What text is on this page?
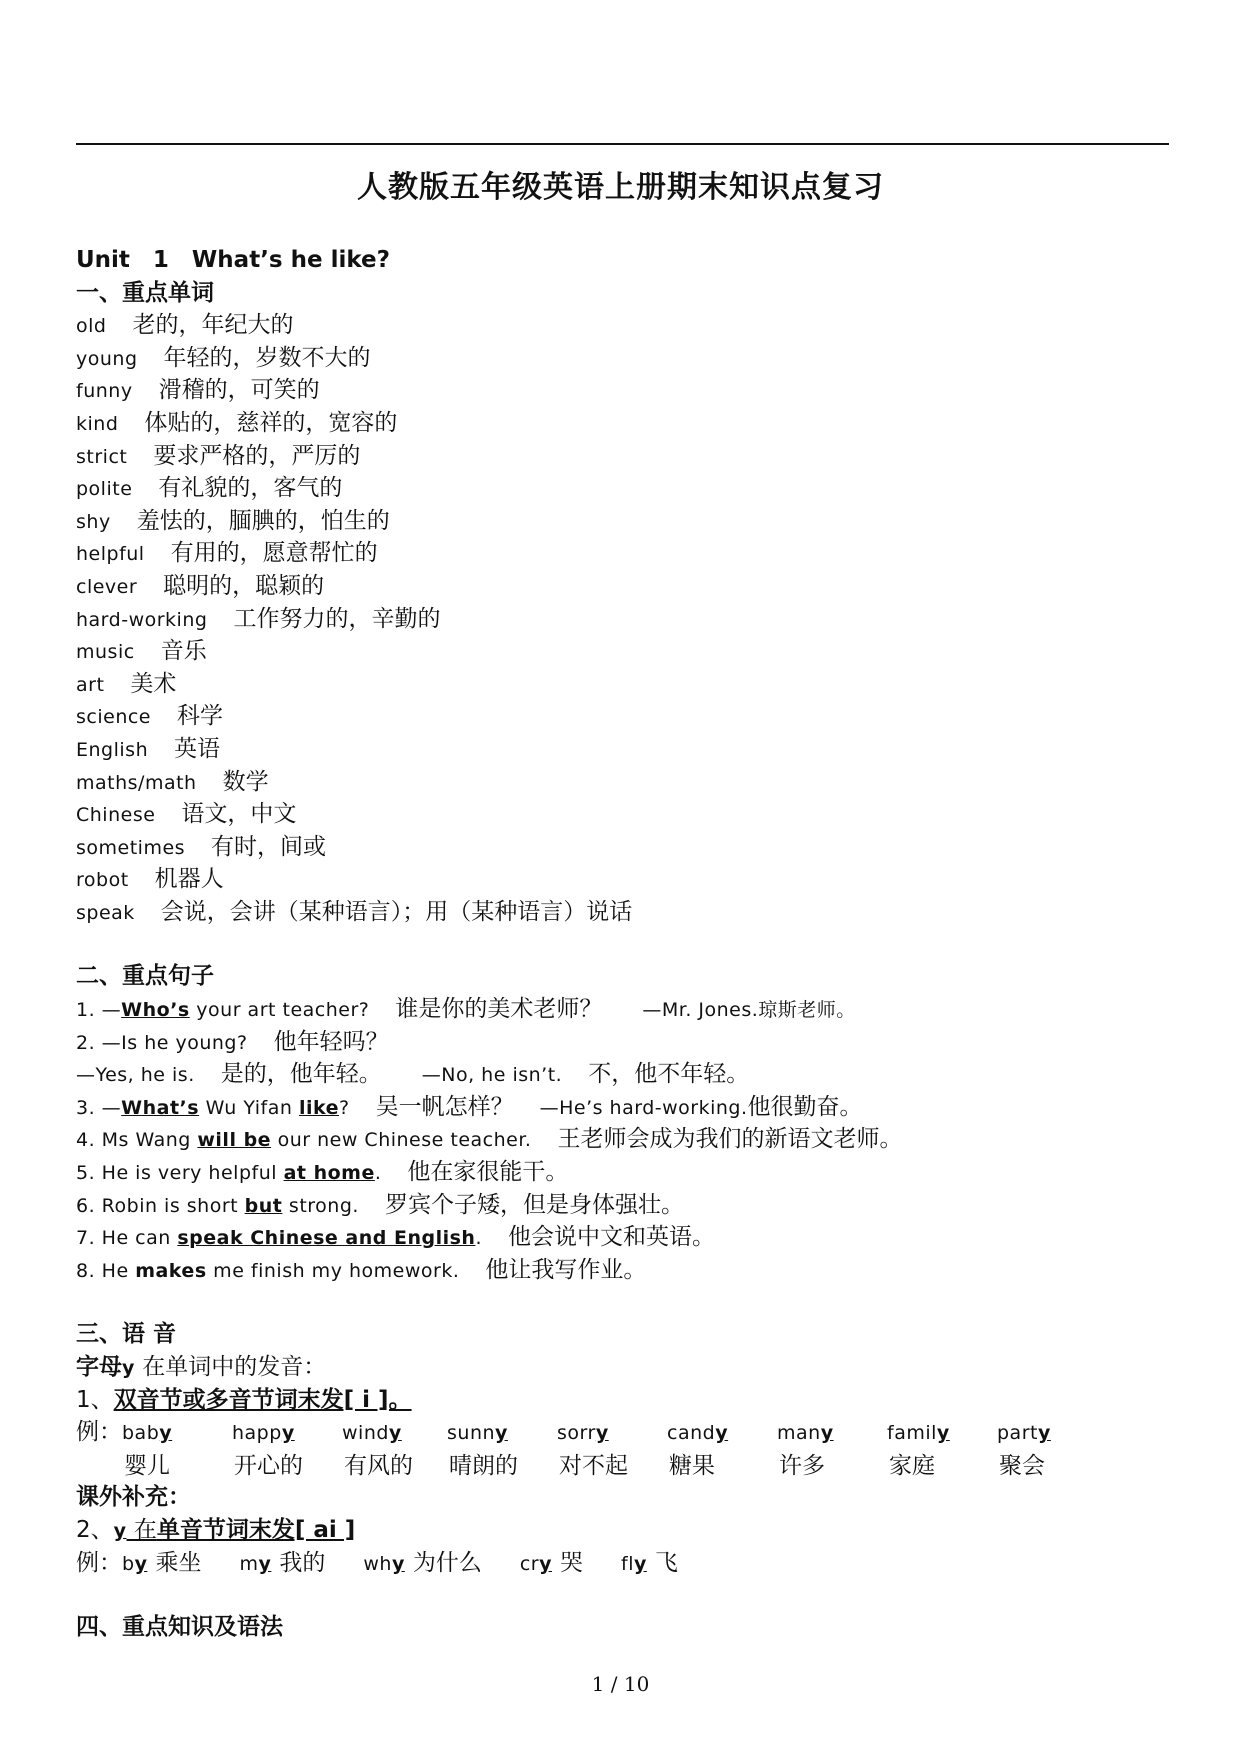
人教版五年级英语上册期末知识点复习
Unit　1　What’s he like?
一、重点单词
old 老的，年纪大的
young 年轻的，岁数不大的
funny 滑稽的，可笑的
kind 体贴的，慈祥的，宽容的
strict 要求严格的，严厉的
polite 有礼貌的，客气的
shy 羞怯的，腼腆的，怕生的
helpful 有用的，愿意帮忙的
clever 聪明的，聪颖的
hard-working 工作努力的，辛勤的
music 音乐
art 美术
science 科学
English 英语
maths/math 数学
Chinese 语文，中文
sometimes 有时，间或
robot 机器人
speak 会说，会讲（某种语言）；用（某种语言）说话
二、重点句子
1. —Who’s your art teacher? 谁是你的美术老师？ —Mr. Jones.琼斯老师。
2. —Is he young? 他年轻吗？
—Yes, he is. 是的，他年轻。 —No, he isn’t. 不，他不年轻。
3. —What’s Wu Yifan like? 吴一帆怎样？ —He’s hard-working.他很勤奋。
4. Ms Wang will be our new Chinese teacher. 王老师会成为我们的新语文老师。
5. He is very helpful at home. 他在家很能干。
6. Robin is short but strong. 罗宾个子矮，但是身体强壮。
7. He can speak Chinese and English. 他会说中文和英语。
8. He makes me finish my homework. 他让我写作业。
三、语 音
字母y 在单词中的发音：
1、双音节或多音节词末发[ i ]。
例：baby	happy windy sunny	sorry	candy	many	family party
婴儿	开心的 有风的 晴朗的 对不起 糖果	许多	家庭	聚会
课外补充：
2、y 在单音节词末发[ ai ]
例：by 乘坐 my 我的 why 为什么 cry 哭 fly 飞
四、重点知识及语法
1 / 10
